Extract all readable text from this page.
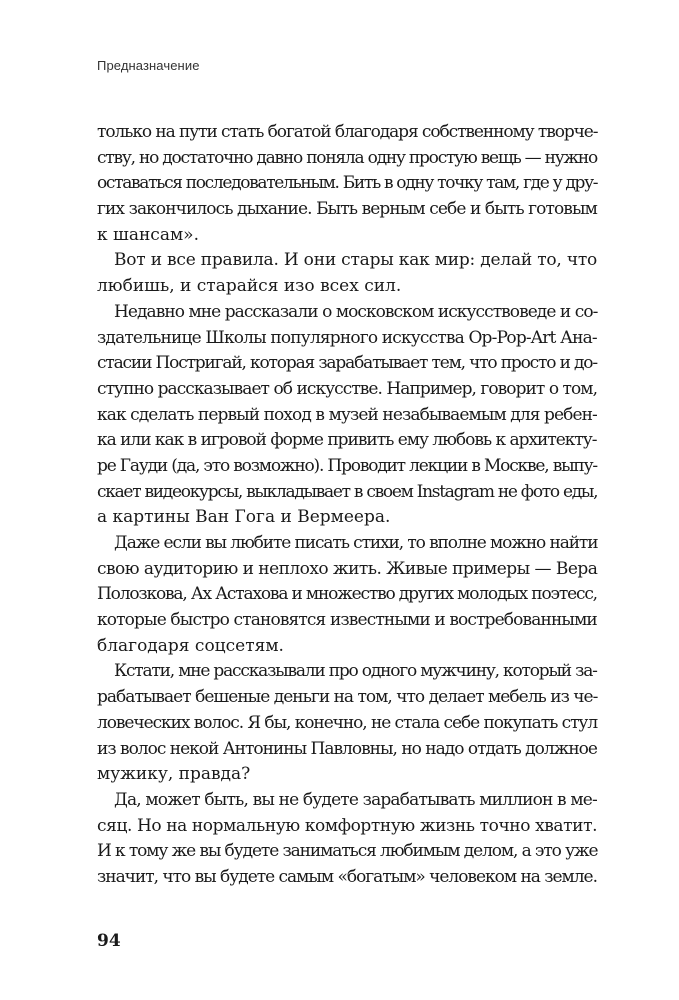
Предназначение
только на пути стать богатой благодаря собственному творче-
ству, но достаточно давно поняла одну простую вещь — нужно
оставаться последовательным. Бить в одну точку там, где у дру-
гих закончилось дыхание. Быть верным себе и быть готовым
к шансам».
Вот и все правила. И они стары как мир: делай то, что
любишь, и старайся изо всех сил.
Недавно мне рассказали о московском искусствоведе и со-
здательнице Школы популярного искусства Op-Pop-Art Ана-
стасии Постригай, которая зарабатывает тем, что просто и до-
ступно рассказывает об искусстве. Например, говорит о том,
как сделать первый поход в музей незабываемым для ребен-
ка или как в игровой форме привить ему любовь к архитекту-
ре Гауди (да, это возможно). Проводит лекции в Москве, выпу-
скает видеокурсы, выкладывает в своем Instagram не фото еды,
а картины Ван Гога и Вермеера.
Даже если вы любите писать стихи, то вполне можно найти
свою аудиторию и неплохо жить. Живые примеры — Вера
Полозкова, Ах Астахова и множество других молодых поэтесс,
которые быстро становятся известными и востребованными
благодаря соцсетям.
Кстати, мне рассказывали про одного мужчину, который за-
рабатывает бешеные деньги на том, что делает мебель из че-
ловеческих волос. Я бы, конечно, не стала себе покупать стул
из волос некой Антонины Павловны, но надо отдать должное
мужику, правда?
Да, может быть, вы не будете зарабатывать миллион в ме-
сяц. Но на нормальную комфортную жизнь точно хватит.
И к тому же вы будете заниматься любимым делом, а это уже
значит, что вы будете самым «богатым» человеком на земле.
94
